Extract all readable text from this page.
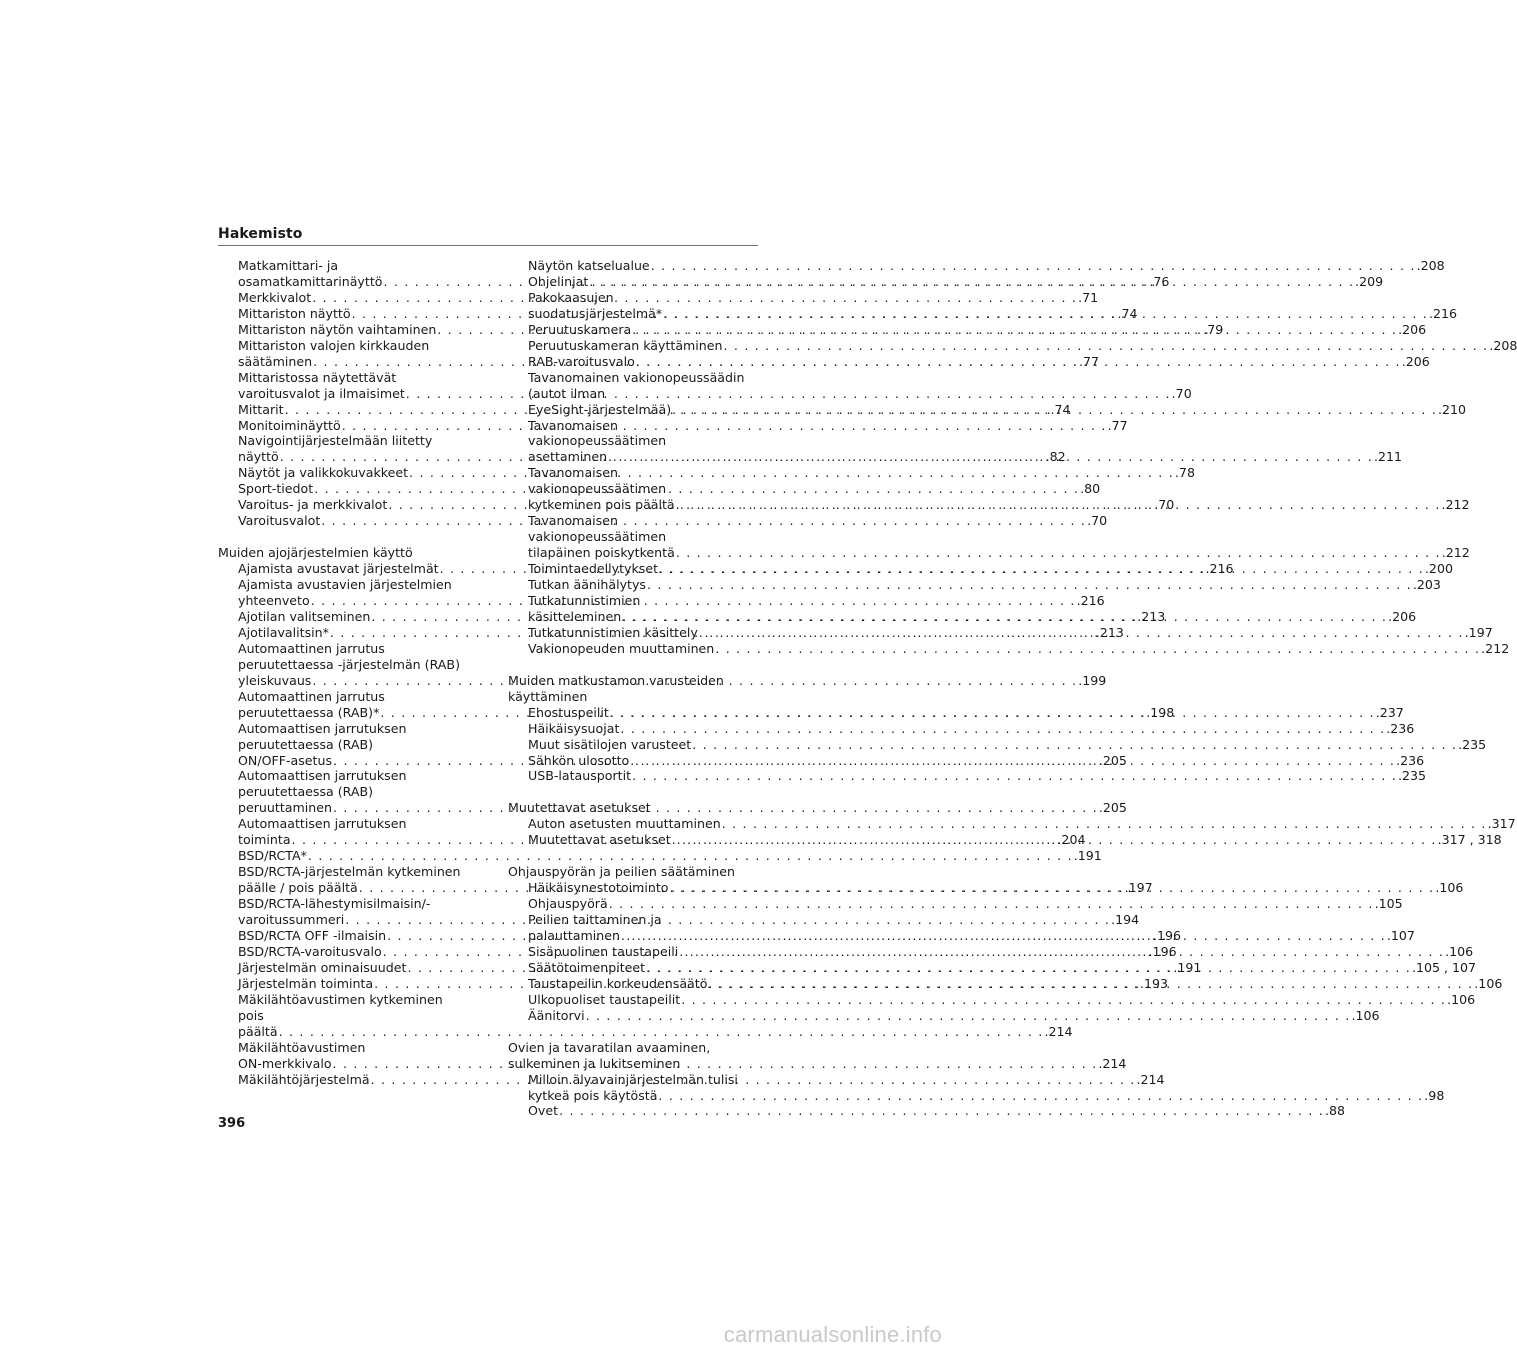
Hakemisto
Matkamittari- ja
osamatkamittarinäyttö . . .	.76
Merkkivalot . . .	.71
Mittariston näyttö . . .	.74
Mittariston näytön vaihtaminen . . .	.79
Mittariston valojen kirkkauden
säätäminen . . .	.77
Mittaristossa näytettävät
varoitusvalot ja ilmaisimet . . .	.70
Mittarit . . .	.74
Monitoiminäyttö . . .	.77
Navigointijärjestelmään liitetty
näyttö . . .	.82
Näytöt ja valikkokuvakkeet . . .	.78
Sport-tiedot . . .	.80
Varoitus- ja merkkivalot . . .	.70
Varoitusvalot . . .	.70
Muiden ajojärjestelmien käyttö
Ajamista avustavat järjestelmät . . .	.216
Ajamista avustavien järjestelmien
yhteenveto . . .	.216
Ajotilan valitseminen . . .	.213
Ajotilavalitsin* . . .	.213
Automaattinen jarrutus
peruutettaessa -järjestelmän (RAB)
yleiskuvaus . . .	.199
Automaattinen jarrutus
peruutettaessa (RAB)* . . .	.198
Automaattisen jarrutuksen
peruutettaessa (RAB)
ON/OFF-asetus . . .	.205
Automaattisen jarrutuksen
peruutettaessa (RAB)
peruuttaminen . . .	.205
Automaattisen jarrutuksen
toiminta . . .	.204
BSD/RCTA* . . .	.191
BSD/RCTA-järjestelmän kytkeminen
päälle / pois päältä . . .	.197
BSD/RCTA-lähestymisilmaisin/-
varoitussummeri . . .	.194
BSD/RCTA OFF -ilmaisin . . .	.196
BSD/RCTA-varoitusvalo . . .	.196
Järjestelmän ominaisuudet . . .	.191
Järjestelmän toiminta . . .	.193
Mäkilähtöavustimen kytkeminen pois
päältä . . .	.214
Mäkilähtöavustimen
ON-merkkivalo . . .	.214
Mäkilähtöjärjestelmä . . .	.214
Näytön katselualue . . .	.208
Ohjelinjat . . .	.209
Pakokaasujen
suodatusjärjestelmä* . . .	.216
Peruutuskamera . . .	.206
Peruutuskameran käyttäminen . . .	.208
RAB-varoitusvalo . . .	.206
Tavanomainen vakionopeussäädin
(autot ilman
EyeSight-järjestelmää) . . .	.210
Tavanomaisen vakionopeussäätimen
asettaminen . . .	.211
Tavanomaisen vakionopeussäätimen
kytkeminen pois päältä . . .	.212
Tavanomaisen vakionopeussäätimen
tilapäinen poiskytkentä . . .	.212
Toimintaedellytykset . . .	.200
Tutkan äänihälytys . . .	.203
Tutkatunnistimien
käsitteleminen . . .	.206
Tutkatunnistimien käsittely . . .	.197
Vakionopeuden muuttaminen . . .	.212
Muiden matkustamon varusteiden
käyttäminen
Ehostuspeilit . . .	.237
Häikäisysuojat . . .	.236
Muut sisätilojen varusteet . . .	.235
Sähkön ulosotto . . .	.236
USB-latausportit . . .	.235
Muutettavat asetukset
Auton asetusten muuttaminen . . .	.317
Muutettavat asetukset . . .	.317 , 318
Ohjauspyörän ja peilien säätäminen
Häikäisynestotoiminto . . .	.106
Ohjauspyörä . . .	.105
Peilien taittaminen ja
palauttaminen . . .	.107
Sisäpuolinen taustapeili . . .	.106
Säätötoimenpiteet . . .	.105 , 107
Taustapeilin korkeudensäätö . . .	.106
Ulkopuoliset taustapeilit . . .	.106
Äänitorvi . . .	.106
Ovien ja tavaratilan avaaminen,
sulkeminen ja lukitseminen
Milloin älyavainjärjestelmän tulisi
kytkeä pois käytöstä . . .	.98
Ovet . . .	.88
396
carmanualsonline.info
